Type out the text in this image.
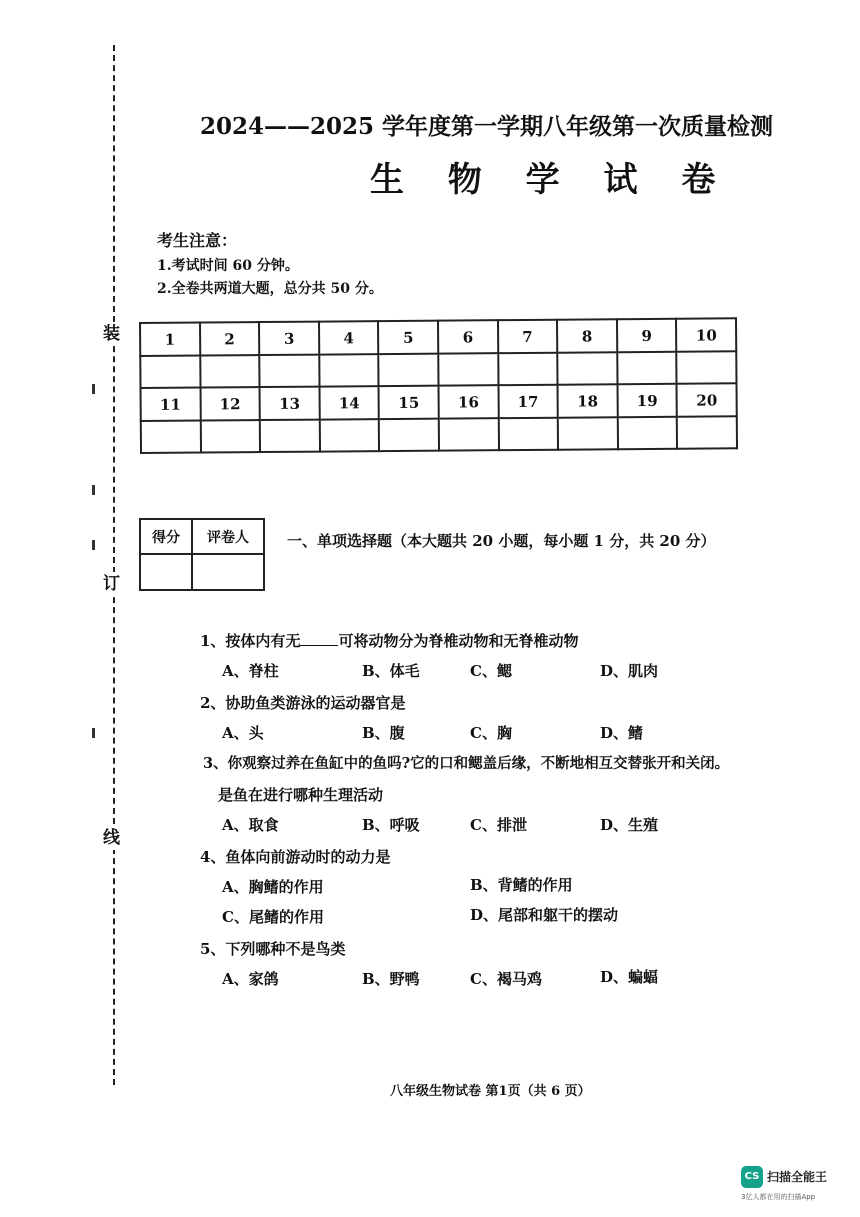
装
订
线
2024——2025 学年度第一学期八年级第一次质量检测
生 物 学 试 卷
考生注意：
1.考试时间 60 分钟。
2.全卷共两道大题，总分共 50 分。
1	2	3	4	5	6	7	8	9	10

11	12	13	14	15	16	17	18	19	20

得分	评卷人
		一、单项选择题（本大题共 20 小题，每小题 1 分，共 20 分）
1、按体内有无	可将动物分为脊椎动物和无脊椎动物
A、脊柱	B、体毛	C、鳃	D、肌肉
2、协助鱼类游泳的运动器官是
A、头	B、腹	C、胸	D、鳍
3、你观察过养在鱼缸中的鱼吗?它的口和鳃盖后缘，不断地相互交替张开和关闭。
是鱼在进行哪种生理活动
A、取食	B、呼吸	C、排泄	D、生殖
4、鱼体向前游动时的动力是
A、胸鳍的作用	B、背鳍的作用
C、尾鳍的作用	D、尾部和躯干的摆动
5、下列哪种不是鸟类
A、家鸽	B、野鸭	C、褐马鸡	D、蝙蝠
八年级生物试卷 第1页（共 6 页）
CS 扫描全能王
3亿人都在用的扫描App
